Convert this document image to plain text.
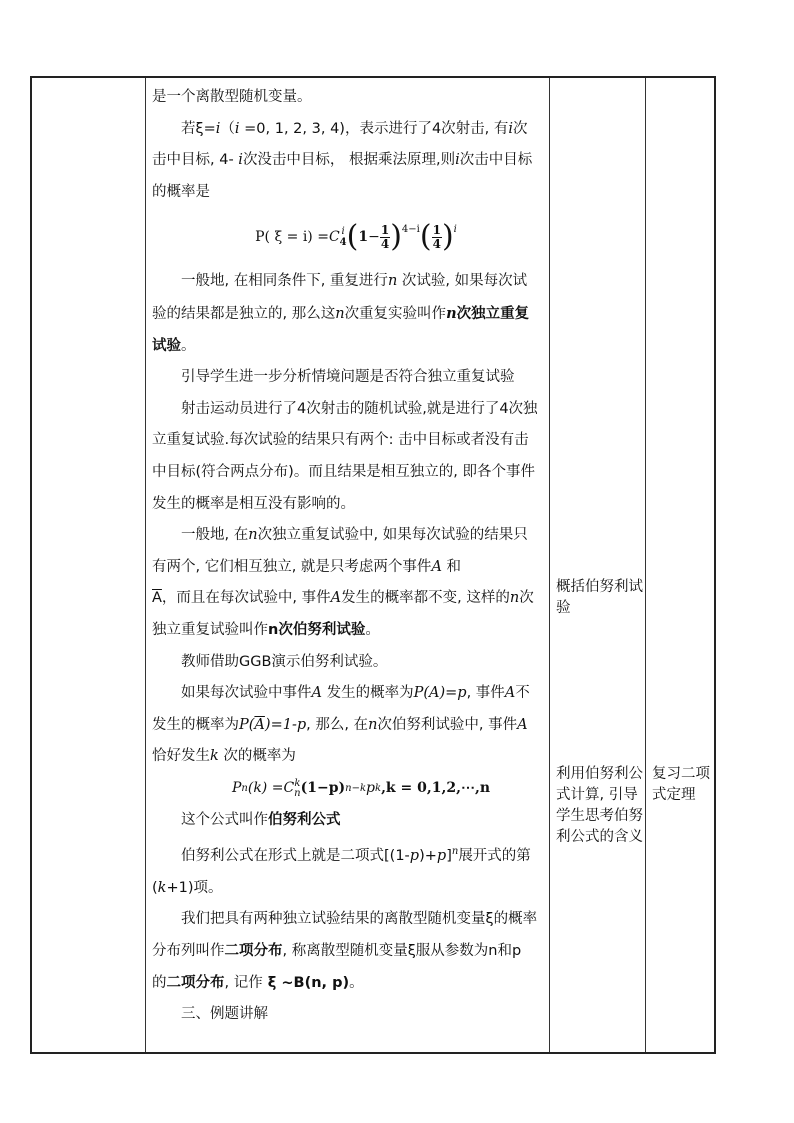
是一个离散型随机变量。

若ξ=i（i =0, 1, 2, 3, 4)，表示进行了4次射击, 有i次击中目标, 4- i次没击中目标， 根据乘法原理,则i次击中目标的概率是

P( ξ = i) = C i
4 ( $1 - \frac{1}{4} )^{4-i}$ ( $\frac{1}{4} )^i$

一般地, 在相同条件下, 重复进行n 次试验, 如果每次试验的结果都是独立的, 那么这n次重复实验叫作n次独立重复试验。

引导学生进一步分析情境问题是否符合独立重复试验

射击运动员进行了4次射击的随机试验,就是进行了4次独立重复试验.每次试验的结果只有两个: 击中目标或者没有击中目标(符合两点分布)。而且结果是相互独立的, 即各个事件发生的概率是相互没有影响的。

一般地, 在n次独立重复试验中, 如果每次试验的结果只有两个, 它们相互独立, 就是只考虑两个事件A 和
$\overline{A}$，而且在每次试验中, 事件A发生的概率都不变, 这样的n次独立重复试验叫作n次伯努利试验。

教师借助GGB演示伯努利试验。

如果每次试验中事件A 发生的概率为P(A)=p, 事件A不发生的概率为$P(\overline{A})=1-p$, 那么, 在n次伯努利试验中, 事件A恰好发生k 次的概率为

P n (k) = C k
n (1−p) n−k p k ,k = 0,1,2,⋯,n

这个公式叫作伯努利公式

伯努利公式在形式上就是二项式$[(1-p)+p]^n$展开式的第(k+1)项。

我们把具有两种独立试验结果的离散型随机变量ξ的概率分布列叫作二项分布, 称离散型随机变量ξ服从参数为n和p 的二项分布, 记作 ξ ~B(n, p)。

三、例题讲解

概括伯努利试验
利用伯努利公式计算, 引导学生思考伯努利公式的含义
复习二项式定理
